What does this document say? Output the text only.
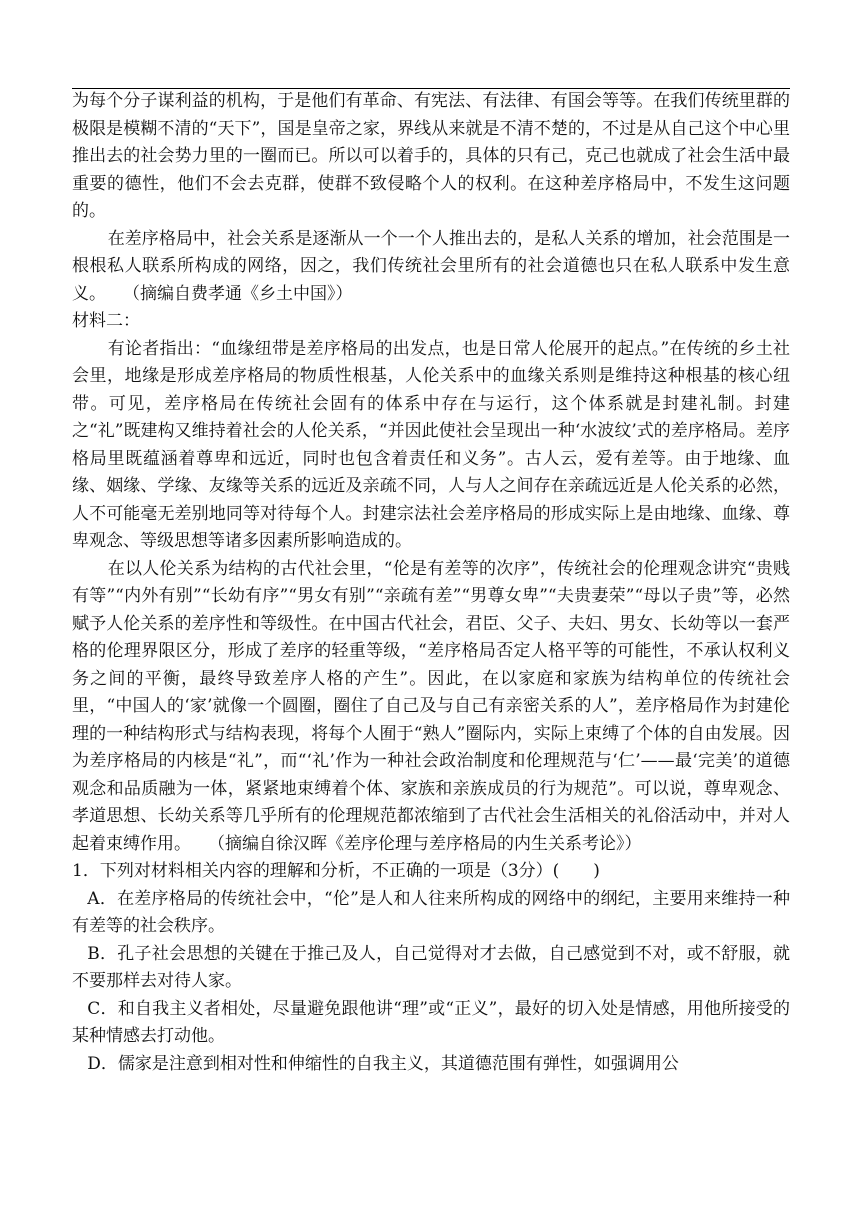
为每个分子谋利益的机构，于是他们有革命、有宪法、有法律、有国会等等。在我们传统里群的极限是模糊不清的“天下”，国是皇帝之家，界线从来就是不清不楚的，不过是从自己这个中心里推出去的社会势力里的一圈而已。所以可以着手的，具体的只有己，克己也就成了社会生活中最重要的德性，他们不会去克群，使群不致侵略个人的权利。在这种差序格局中，不发生这问题的。

在差序格局中，社会关系是逐渐从一个一个人推出去的，是私人关系的增加，社会范围是一根根私人联系所构成的网络，因之，我们传统社会里所有的社会道德也只在私人联系中发生意义。　　（摘编自费孝通《乡土中国》）

材料二：

有论者指出：“血缘纽带是差序格局的出发点，也是日常人伦展开的起点。”在传统的乡土社会里，地缘是形成差序格局的物质性根基，人伦关系中的血缘关系则是维持这种根基的核心纽带。可见，差序格局在传统社会固有的体系中存在与运行，这个体系就是封建礼制。封建之“礼”既建构又维持着社会的人伦关系，“并因此使社会呈现出一种‘水波纹’式的差序格局。差序格局里既蕴涵着尊卑和远近，同时也包含着责任和义务”。古人云，爱有差等。由于地缘、血缘、姻缘、学缘、友缘等关系的远近及亲疏不同，人与人之间存在亲疏远近是人伦关系的必然，人不可能毫无差别地同等对待每个人。封建宗法社会差序格局的形成实际上是由地缘、血缘、尊卑观念、等级思想等诸多因素所影响造成的。

在以人伦关系为结构的古代社会里，“伦是有差等的次序”，传统社会的伦理观念讲究“贵贱有等”“内外有别”“长幼有序”“男女有别”“亲疏有差”“男尊女卑”“夫贵妻荣”“母以子贵”等，必然赋予人伦关系的差序性和等级性。在中国古代社会，君臣、父子、夫妇、男女、长幼等以一套严格的伦理界限区分，形成了差序的轻重等级，“差序格局否定人格平等的可能性，不承认权利义务之间的平衡，最终导致差序人格的产生”。因此，在以家庭和家族为结构单位的传统社会里，“中国人的‘家’就像一个圆圈，圈住了自己及与自己有亲密关系的人”，差序格局作为封建伦理的一种结构形式与结构表现，将每个人囿于“熟人”圈际内，实际上束缚了个体的自由发展。因为差序格局的内核是“礼”，而“‘礼’作为一种社会政治制度和伦理规范与‘仁’——最‘完美’的道德观念和品质融为一体，紧紧地束缚着个体、家族和亲族成员的行为规范”。可以说，尊卑观念、孝道思想、长幼关系等几乎所有的伦理规范都浓缩到了古代社会生活相关的礼俗活动中，并对人起着束缚作用。　　（摘编自徐汉晖《差序伦理与差序格局的内生关系考论》）

1．下列对材料相关内容的理解和分析，不正确的一项是（3分）(　　)

A．在差序格局的传统社会中，“伦”是人和人往来所构成的网络中的纲纪，主要用来维持一种有差等的社会秩序。

B．孔子社会思想的关键在于推己及人，自己觉得对才去做，自己感觉到不对，或不舒服，就不要那样去对待人家。

C．和自我主义者相处，尽量避免跟他讲“理”或“正义”，最好的切入处是情感，用他所接受的某种情感去打动他。

D．儒家是注意到相对性和伸缩性的自我主义，其道德范围有弹性，如强调用公
